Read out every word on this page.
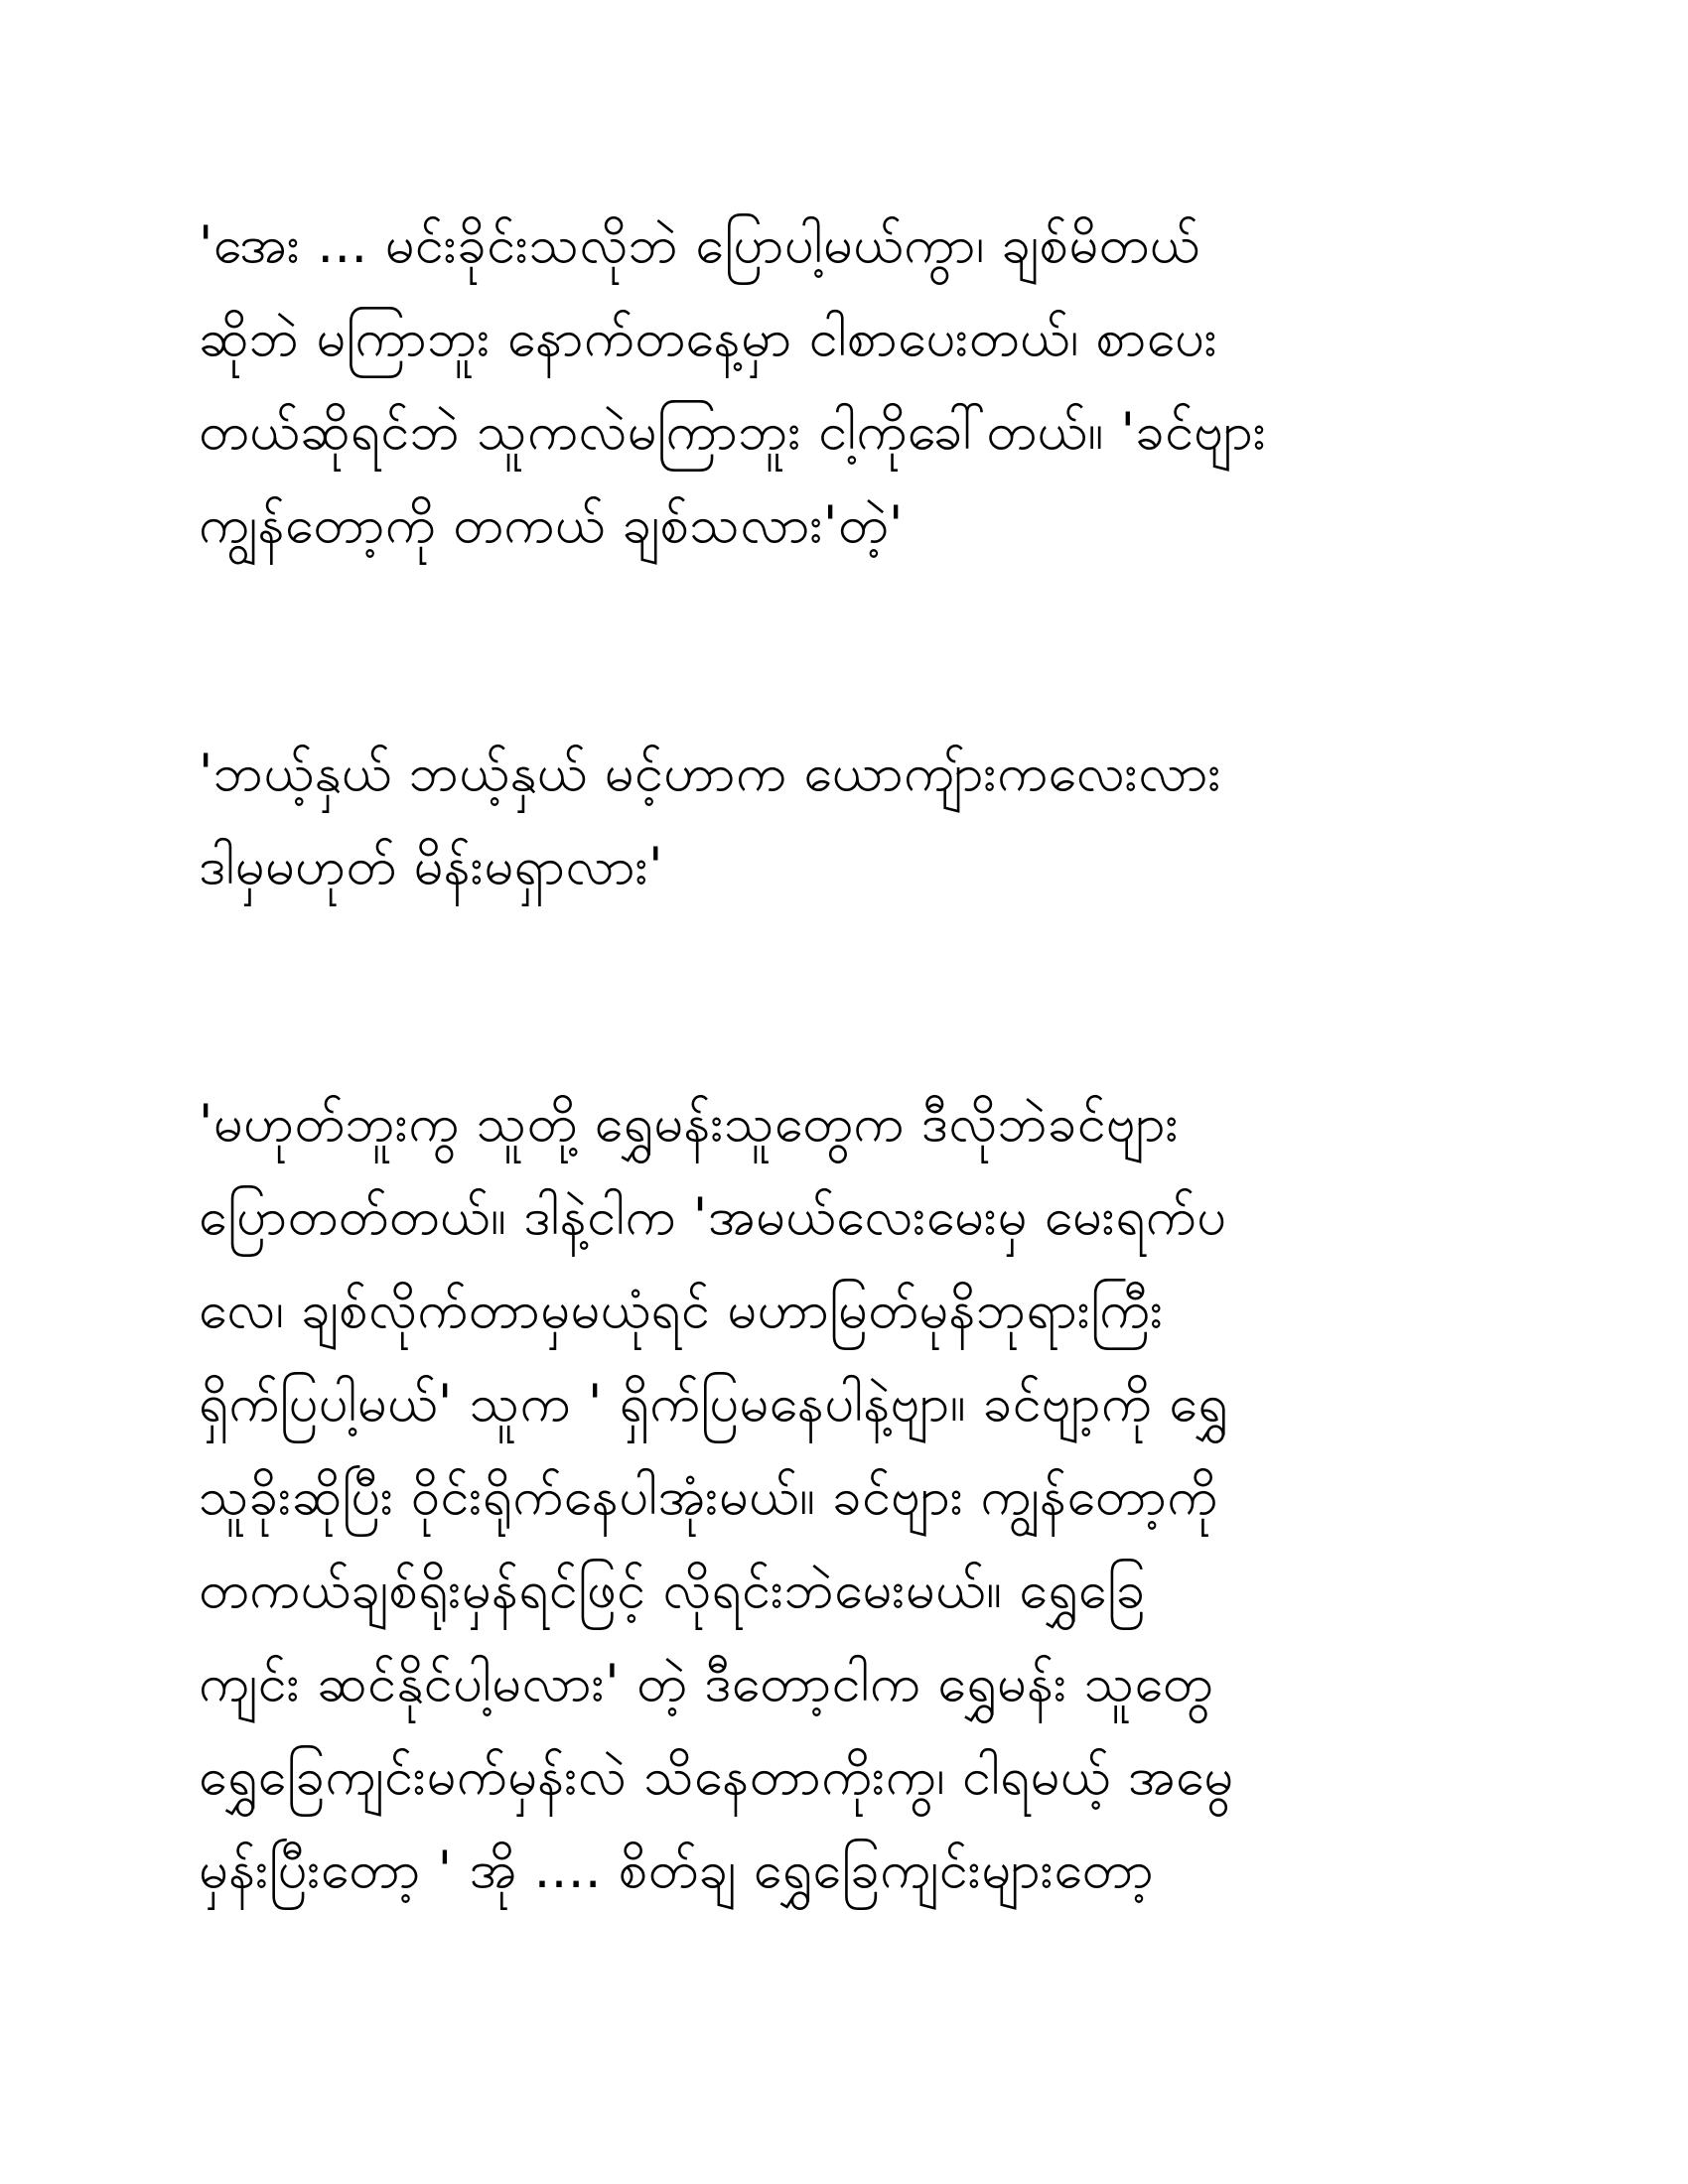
'အေး ... မင်းခိုင်းသလိုဘဲ ပြောပါ့မယ်ကွာ၊ ချစ်မိတယ်
ဆိုဘဲ မကြာဘူး နောက်တနေ့မှာ ငါစာပေးတယ်၊ စာပေး
တယ်ဆိုရင်ဘဲ သူကလဲမကြာဘူး ငါ့ကိုခေါ်တယ်။ 'ခင်ဗျား
ကျွန်တော့ကို တကယ် ချစ်သလား'တဲ့'
'ဘယ့်နှယ် ဘယ့်နှယ် မင့်ဟာက ယောကျ်ားကလေးလား
ဒါမှမဟုတ် မိန်းမရှာလား'
'မဟုတ်ဘူးကွ သူတို့ ရွှေမန်းသူတွေက ဒီလိုဘဲခင်ဗျား
ပြောတတ်တယ်။ ဒါနဲ့ငါက 'အမယ်လေးမေးမှ မေးရက်ပ
လေ၊ ချစ်လိုက်တာမှမယုံရင် မဟာမြတ်မုနိဘုရားကြီး
ရှိက်ပြပါ့မယ်' သူက ' ရှိက်ပြမနေပါနဲ့ဗျာ။ ခင်ဗျာ့ကို ရွှေ
သူခိုးဆိုပြီး ဝိုင်းရိုက်နေပါအုံးမယ်။ ခင်ဗျား ကျွန်တော့ကို
တကယ်ချစ်ရိုးမှန်ရင်ဖြင့် လိုရင်းဘဲမေးမယ်။ ရွှေခြေ
ကျင်း ဆင်နိုင်ပါ့မလား' တဲ့ ဒီတော့ငါက ရွှေမန်း သူတွေ
ရွှေခြေကျင်းမက်မှန်းလဲ သိနေတာကိုးကွ၊ ငါရမယ့် အမွေ
မှန်းပြီးတော့ ' အို .... စိတ်ချ ရွှေခြေကျင်းများတော့
